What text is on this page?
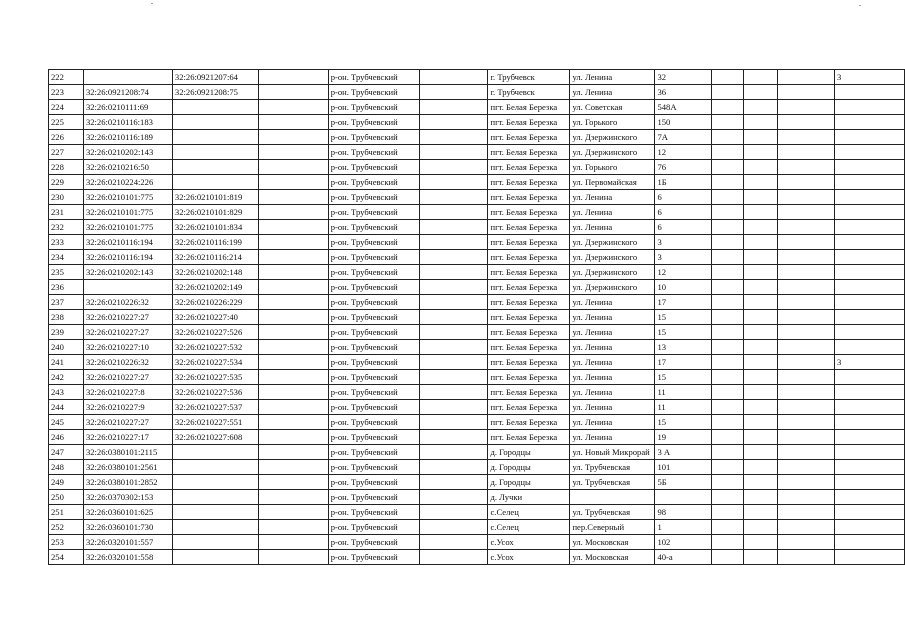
222		32:26:0921207:64		р-он. Трубчевский		г. Трубчевск	ул. Ленина	32				3
223	32:26:0921208:74	32:26:0921208:75		р-он. Трубчевский		г. Трубчевск	ул. Ленина	36				
224	32:26:0210111:69			р-он. Трубчевский		пгт. Белая Березка	ул. Советская	548А				
225	32:26:0210116:183			р-он. Трубчевский		пгт. Белая Березка	ул. Горького	150				
226	32:26:0210116:189			р-он. Трубчевский		пгт. Белая Березка	ул. Дзержинского	7А				
227	32:26:0210202:143			р-он. Трубчевский		пгт. Белая Березка	ул. Дзержинского	12				
228	32:26:0210216:50			р-он. Трубчевский		пгт. Белая Березка	ул. Горького	76				
229	32:26:0210224:226			р-он. Трубчевский		пгт. Белая Березка	ул. Первомайская	1Б				
230	32:26:0210101:775	32:26:0210101:819		р-он. Трубчевский		пгт. Белая Березка	ул. Ленина	6				
231	32:26:0210101:775	32:26:0210101:829		р-он. Трубчевский		пгт. Белая Березка	ул. Ленина	6				
232	32:26:0210101:775	32:26:0210101:834		р-он. Трубчевский		пгт. Белая Березка	ул. Ленина	6				
233	32:26:0210116:194	32:26:0210116:199		р-он. Трубчевский		пгт. Белая Березка	ул. Дзержинского	3				
234	32:26:0210116:194	32:26:0210116:214		р-он. Трубчевский		пгт. Белая Березка	ул. Дзержинского	3				
235	32:26:0210202:143	32:26:0210202:148		р-он. Трубчевский		пгт. Белая Березка	ул. Дзержинского	12				
236		32:26:0210202:149		р-он. Трубчевский		пгт. Белая Березка	ул. Дзержинского	10				
237	32:26:0210226:32	32:26:0210226:229		р-он. Трубчевский		пгт. Белая Березка	ул. Ленина	17				
238	32:26:0210227:27	32:26:0210227:40		р-он. Трубчевский		пгт. Белая Березка	ул. Ленина	15				
239	32:26:0210227:27	32:26:0210227:526		р-он. Трубчевский		пгт. Белая Березка	ул. Ленина	15				
240	32:26:0210227:10	32:26:0210227:532		р-он. Трубчевский		пгт. Белая Березка	ул. Ленина	13				
241	32:26:0210226:32	32:26:0210227:534		р-он. Трубчевский		пгт. Белая Березка	ул. Ленина	17				3
242	32:26:0210227:27	32:26:0210227:535		р-он. Трубчевский		пгт. Белая Березка	ул. Ленина	15				
243	32:26:0210227:8	32:26:0210227:536		р-он. Трубчевский		пгт. Белая Березка	ул. Ленина	11				
244	32:26:0210227:9	32:26:0210227:537		р-он. Трубчевский		пгт. Белая Березка	ул. Ленина	11				
245	32:26:0210227:27	32:26:0210227:551		р-он. Трубчевский		пгт. Белая Березка	ул. Ленина	15				
246	32:26:0210227:17	32:26:0210227:608		р-он. Трубчевский		пгт. Белая Березка	ул. Ленина	19				
247	32:26:0380101:2115			р-он. Трубчевский		д. Городцы	ул. Новый Микрорай	3 А				
248	32:26:0380101:2561			р-он. Трубчевский		д. Городцы	ул. Трубчевская	101				
249	32:26:0380101:2852			р-он. Трубчевский		д. Городцы	ул. Трубчевская	5Б				
250	32:26:0370302:153			р-он. Трубчевский		д. Лучки						
251	32:26:0360101:625			р-он. Трубчевский		с.Селец	ул. Трубчевская	98				
252	32:26:0360101:730			р-он. Трубчевский		с.Селец	пер.Северный	1				
253	32:26:0320101:557			р-он. Трубчевский		с.Усох	ул. Московская	102				
254	32:26:0320101:558			р-он. Трубчевский		с.Усох	ул. Московская	40-а				
